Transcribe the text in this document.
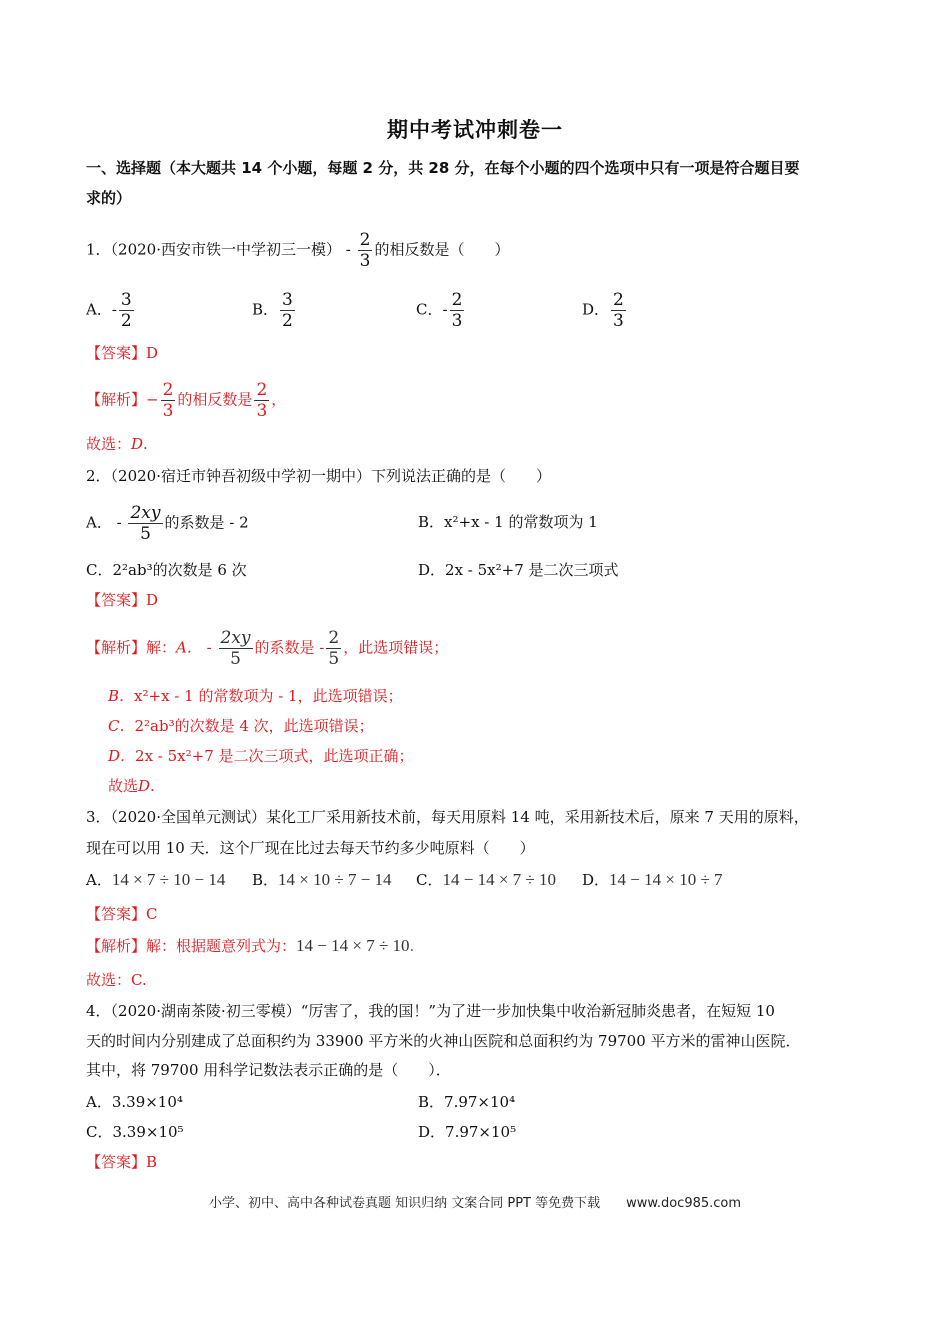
期中考试冲刺卷一
一、选择题（本大题共 14 个小题，每题 2 分，共 28 分，在每个小题的四个选项中只有一项是符合题目要
求的）
1．（2020·西安市铁一中学初三一模） - $\frac{2}{3}$ 的相反数是（　　）
A．- $\frac{3}{2}$	B． $\frac{3}{2}$	C．- $\frac{2}{3}$	D． $\frac{2}{3}$
【答案】D
【解析】− $\frac{2}{3}$ 的相反数是 $\frac{2}{3}$ ，
故选：D.
2．（2020·宿迁市钟吾初级中学初一期中）下列说法正确的是（　　）
A． - $\frac{2xy}{5}$ 的系数是 - 2	B．x²+x - 1 的常数项为 1
C．2²ab³的次数是 6 次	D．2x - 5x²+7 是二次三项式
【答案】D
【解析】解：A． - $\frac{2xy}{5}$ 的系数是 - $\frac{2}{5}$ ，此选项错误；
B．x²+x - 1 的常数项为 - 1，此选项错误；
C．2²ab³的次数是 4 次，此选项错误；
D．2x - 5x²+7 是二次三项式，此选项正确；
故选D.
3．（2020·全国单元测试）某化工厂采用新技术前，每天用原料 14 吨，采用新技术后，原来 7 天用的原料，
现在可以用 10 天．这个厂现在比过去每天节约多少吨原料（　　）
A．14 × 7 ÷ 10 − 14 B．14 × 10 ÷ 7 − 14 C．14 − 14 × 7 ÷ 10 D．14 − 14 × 10 ÷ 7
【答案】C
【解析】解：根据题意列式为：14 − 14 × 7 ÷ 10.
故选：C.
4．（2020·湖南茶陵·初三零模）“厉害了，我的国！”为了进一步加快集中收治新冠肺炎患者，在短短 10
天的时间内分别建成了总面积约为 33900 平方米的火神山医院和总面积约为 79700 平方米的雷神山医院．
其中，将 79700 用科学记数法表示正确的是（　　）．
A．3.39×10⁴	B．7.97×10⁴
C．3.39×10⁵	D．7.97×10⁵
【答案】B
小学、初中、高中各种试卷真题 知识归纳 文案合同 PPT 等免费下载 www.doc985.com
